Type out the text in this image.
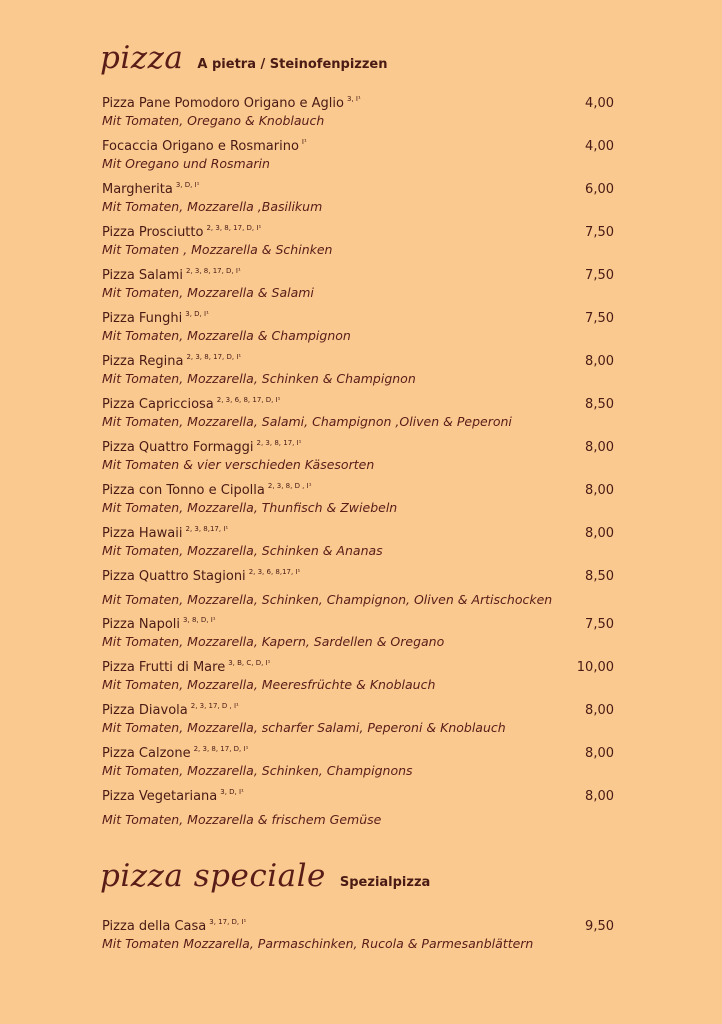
pizza A pietra / Steinofenpizzen
Pizza Pane Pomodoro Origano e Aglio $^{3, I^1}$	4,00
Mit Tomaten, Oregano & Knoblauch
Focaccia Origano e Rosmarino $^{I^1}$	4,00
Mit Oregano und Rosmarin
Margherita $^{3, D, I^1}$	6,00
Mit Tomaten, Mozzarella ,Basilikum
Pizza Prosciutto $^{2, 3, 8, 17, D, I^1}$	7,50
Mit Tomaten , Mozzarella & Schinken
Pizza Salami $^{2, 3, 8, 17, D, I^1}$	7,50
Mit Tomaten, Mozzarella & Salami
Pizza Funghi $^{3, D, I^1}$	7,50
Mit Tomaten, Mozzarella & Champignon
Pizza Regina $^{2, 3, 8, 17, D, I^1}$	8,00
Mit Tomaten, Mozzarella, Schinken & Champignon
Pizza Capricciosa $^{2, 3, 6, 8, 17, D, I^1}$	8,50
Mit Tomaten, Mozzarella, Salami, Champignon ,Oliven & Peperoni
Pizza Quattro Formaggi $^{2, 3, 8, 17, I^1}$	8,00
Mit Tomaten & vier verschieden Käsesorten
Pizza con Tonno e Cipolla $^{2, 3, 8, D , I^1}$	8,00
Mit Tomaten, Mozzarella, Thunfisch & Zwiebeln
Pizza Hawaii $^{2, 3, 8,17, I^1}$	8,00
Mit Tomaten, Mozzarella, Schinken & Ananas
Pizza Quattro Stagioni $^{2, 3, 6, 8,17, I^1}$	8,50
Mit Tomaten, Mozzarella, Schinken, Champignon, Oliven & Artischocken
Pizza Napoli $^{3, 8, D, I^1}$	7,50
Mit Tomaten, Mozzarella, Kapern, Sardellen & Oregano
Pizza Frutti di Mare $^{3, B, C, D, I^1}$	10,00
Mit Tomaten, Mozzarella, Meeresfrüchte & Knoblauch
Pizza Diavola $^{2, 3, 17, D , I^1}$	8,00
Mit Tomaten, Mozzarella, scharfer Salami, Peperoni & Knoblauch
Pizza Calzone $^{2, 3, 8, 17, D, I^1}$	8,00
Mit Tomaten, Mozzarella, Schinken, Champignons
Pizza Vegetariana $^{3, D, I^1}$	8,00
Mit Tomaten, Mozzarella & frischem Gemüse
pizza speciale Spezialpizza
Pizza della Casa $^{3, 17, D, I^1}$	9,50
Mit Tomaten Mozzarella, Parmaschinken, Rucola & Parmesanblättern
